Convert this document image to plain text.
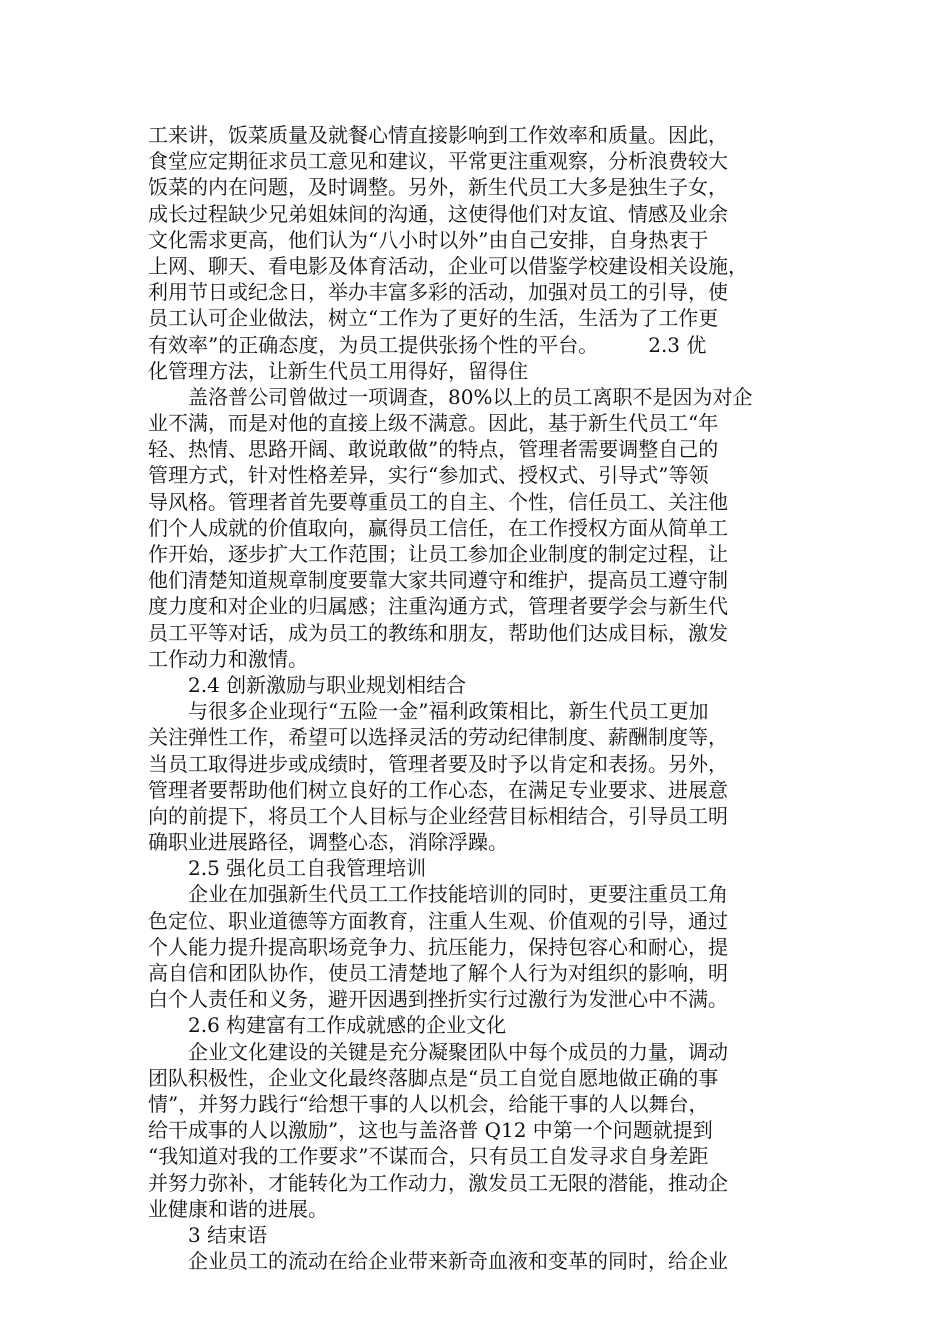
工来讲，饭菜质量及就餐心情直接影响到工作效率和质量。因此，
食堂应定期征求员工意见和建议，平常更注重观察，分析浪费较大
饭菜的内在问题，及时调整。另外，新生代员工大多是独生子女，
成长过程缺少兄弟姐妹间的沟通，这使得他们对友谊、情感及业余
文化需求更高，他们认为“八小时以外”由自己安排，自身热衷于
上网、聊天、看电影及体育活动，企业可以借鉴学校建设相关设施，
利用节日或纪念日，举办丰富多彩的活动，加强对员工的引导，使
员工认可企业做法，树立“工作为了更好的生活，生活为了工作更
有效率”的正确态度，为员工提供张扬个性的平台。　　　2.3 优
化管理方法，让新生代员工用得好，留得住
盖洛普公司曾做过一项调查，80%以上的员工离职不是因为对企
业不满，而是对他的直接上级不满意。因此，基于新生代员工“年
轻、热情、思路开阔、敢说敢做”的特点，管理者需要调整自己的
管理方式，针对性格差异，实行“参加式、授权式、引导式”等领
导风格。管理者首先要尊重员工的自主、个性，信任员工、关注他
们个人成就的价值取向，赢得员工信任，在工作授权方面从简单工
作开始，逐步扩大工作范围；让员工参加企业制度的制定过程，让
他们清楚知道规章制度要靠大家共同遵守和维护，提高员工遵守制
度力度和对企业的归属感；注重沟通方式，管理者要学会与新生代
员工平等对话，成为员工的教练和朋友，帮助他们达成目标，激发
工作动力和激情。
2.4 创新激励与职业规划相结合
与很多企业现行“五险一金”福利政策相比，新生代员工更加
关注弹性工作，希望可以选择灵活的劳动纪律制度、薪酬制度等，
当员工取得进步或成绩时，管理者要及时予以肯定和表扬。另外，
管理者要帮助他们树立良好的工作心态，在满足专业要求、进展意
向的前提下，将员工个人目标与企业经营目标相结合，引导员工明
确职业进展路径，调整心态，消除浮躁。
2.5 强化员工自我管理培训
企业在加强新生代员工工作技能培训的同时，更要注重员工角
色定位、职业道德等方面教育，注重人生观、价值观的引导，通过
个人能力提升提高职场竞争力、抗压能力，保持包容心和耐心，提
高自信和团队协作，使员工清楚地了解个人行为对组织的影响，明
白个人责任和义务，避开因遇到挫折实行过激行为发泄心中不满。
2.6 构建富有工作成就感的企业文化
企业文化建设的关键是充分凝聚团队中每个成员的力量，调动
团队积极性，企业文化最终落脚点是“员工自觉自愿地做正确的事
情”，并努力践行“给想干事的人以机会，给能干事的人以舞台，
给干成事的人以激励”，这也与盖洛普 Q12 中第一个问题就提到
“我知道对我的工作要求”不谋而合，只有员工自发寻求自身差距
并努力弥补，才能转化为工作动力，激发员工无限的潜能，推动企
业健康和谐的进展。
3 结束语
企业员工的流动在给企业带来新奇血液和变革的同时，给企业
